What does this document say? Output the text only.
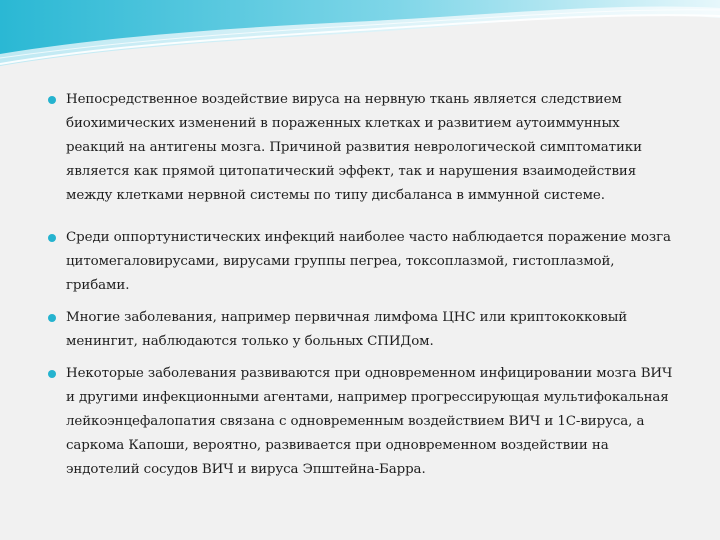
Непосредственное воздействие вируса на нервную ткань является следствием биохимических изменений в пораженных клетках и развитием аутоиммунных реакций на антигены мозга. Причиной развития неврологической симптоматики является как прямой цитопатический эффект, так и нарушения взаимодействия между клетками нервной системы по типу дисбаланса в иммунной системе.
Среди оппортунистических инфекций наиболее часто наблюдается поражение мозга цитомегаловирусами, вирусами группы пегреа, токсоплазмой, гистоплазмой, грибами.
Многие заболевания, например первичная лимфома ЦНС или криптококковый менингит, наблюдаются только у больных СПИДом.
Некоторые заболевания развиваются при одновременном инфицировании мозга ВИЧ и другими инфекционными агентами, например прогрессирующая мультифокальная лейкоэнцефалопатия связана с одновременным воздействием ВИЧ и 1С-вируса, а саркома Капоши, вероятно, развивается при одновременном воздействии на эндотелий сосудов ВИЧ и вируса Эпштейна-Барра.
